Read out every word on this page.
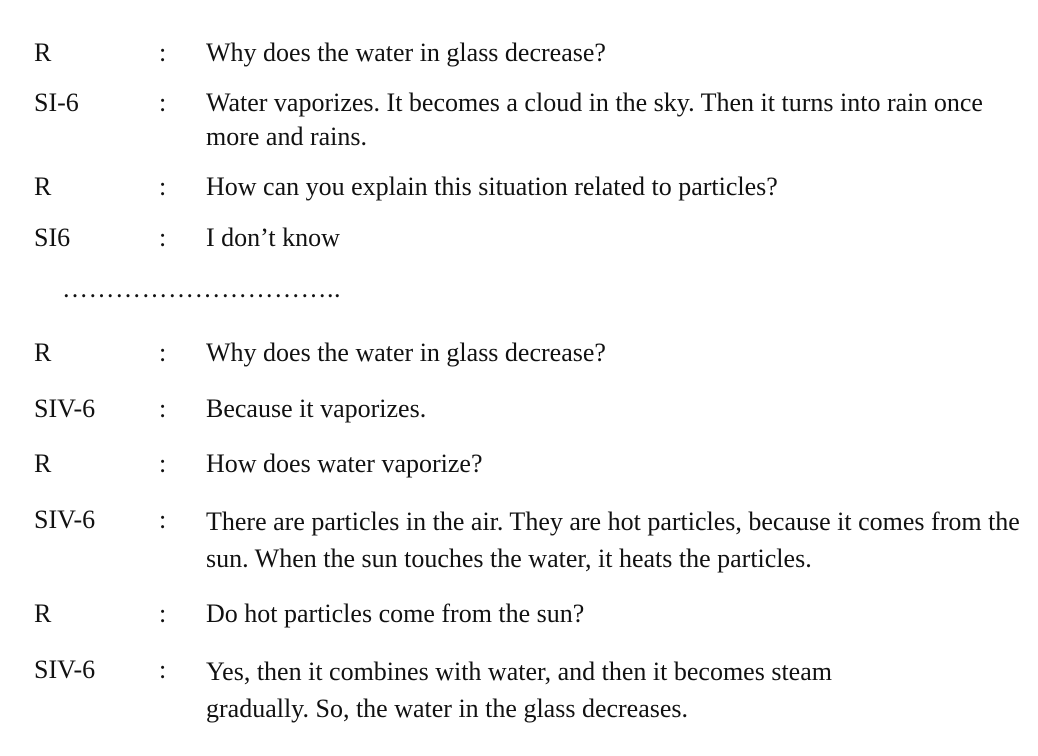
R	: Why does the water in glass decrease?
SI-6	: Water vaporizes. It becomes a cloud in the sky. Then it turns into rain once more and rains.
R	: How can you explain this situation related to particles?
SI6	: I don’t know
…………………………..
R	: Why does the water in glass decrease?
SIV-6 : Because it vaporizes.
R	: How does water vaporize?
SIV-6 : There are particles in the air. They are hot particles, because it comes from the sun. When the sun touches the water, it heats the particles.
R	: Do hot particles come from the sun?
SIV-6 : Yes, then it combines with water, and then it becomes steam gradually. So, the water in the glass decreases.
